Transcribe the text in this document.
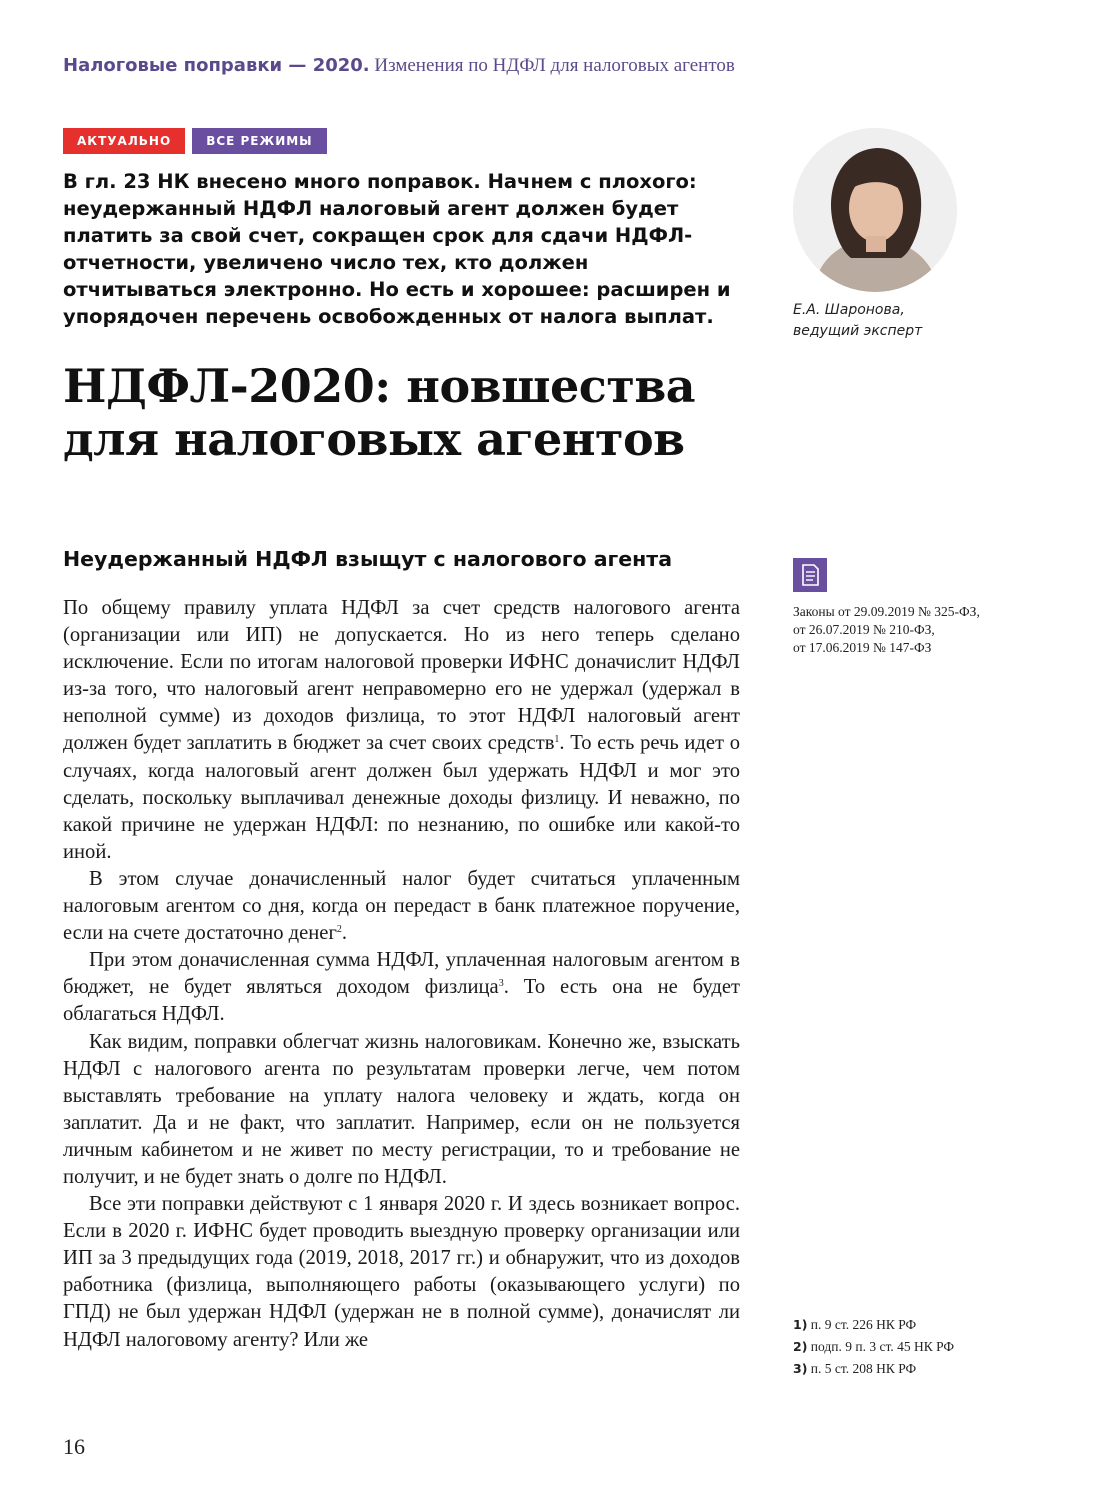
Налоговые поправки — 2020. Изменения по НДФЛ для налоговых агентов
АКТУАЛЬНО	ВСЕ РЕЖИМЫ

В гл. 23 НК внесено много поправок. Начнем с плохого: неудержанный НДФЛ налоговый агент должен будет платить за свой счет, сокращен срок для сдачи НДФЛ-отчетности, увеличено число тех, кто должен отчитываться электронно. Но есть и хорошее: расширен и упорядочен перечень освобожденных от налога выплат.	Е.А. Шаронова,
ведущий эксперт
НДФЛ-2020: новшества
для налоговых агентов
Неудержанный НДФЛ взыщут с налогового агента
Законы от 29.09.2019 № 325-ФЗ,
от 26.07.2019 № 210-ФЗ,
от 17.06.2019 № 147-ФЗ

По общему правилу уплата НДФЛ за счет средств налогового агента (организации или ИП) не допускается. Но из него теперь сделано исключение. Если по итогам налоговой проверки ИФНС доначислит НДФЛ из-за того, что налоговый агент неправомерно его не удержал (удержал в неполной сумме) из доходов физлица, то этот НДФЛ налоговый агент должен будет заплатить в бюджет за счет своих средств$^1$. То есть речь идет о случаях, когда налоговый агент должен был удержать НДФЛ и мог это сделать, поскольку выплачивал денежные доходы физлицу. И неважно, по какой причине не удержан НДФЛ: по незнанию, по ошибке или какой-то иной.

В этом случае доначисленный налог будет считаться уплаченным налоговым агентом со дня, когда он передаст в банк платежное поручение, если на счете достаточно денег$^2$.

При этом доначисленная сумма НДФЛ, уплаченная налоговым агентом в бюджет, не будет являться доходом физлица$^3$. То есть она не будет облагаться НДФЛ.

Как видим, поправки облегчат жизнь налоговикам. Конечно же, взыскать НДФЛ с налогового агента по результатам проверки легче, чем потом выставлять требование на уплату налога человеку и ждать, когда он заплатит. Да и не факт, что заплатит. Например, если он не пользуется личным кабинетом и не живет по месту регистрации, то и требование не получит, и не будет знать о долге по НДФЛ.

Все эти поправки действуют с 1 января 2020 г. И здесь возникает вопрос. Если в 2020 г. ИФНС будет проводить выездную проверку организации или ИП за 3 предыдущих года (2019, 2018, 2017 гг.) и обнаружит, что из доходов работника (физлица, выполняющего работы (оказывающего услуги) по ГПД) не был удержан НДФЛ (удержан не в полной сумме), доначислят ли НДФЛ налоговому агенту? Или же

1) п. 9 ст. 226 НК РФ
2) подп. 9 п. 3 ст. 45 НК РФ
3) п. 5 ст. 208 НК РФ
16
